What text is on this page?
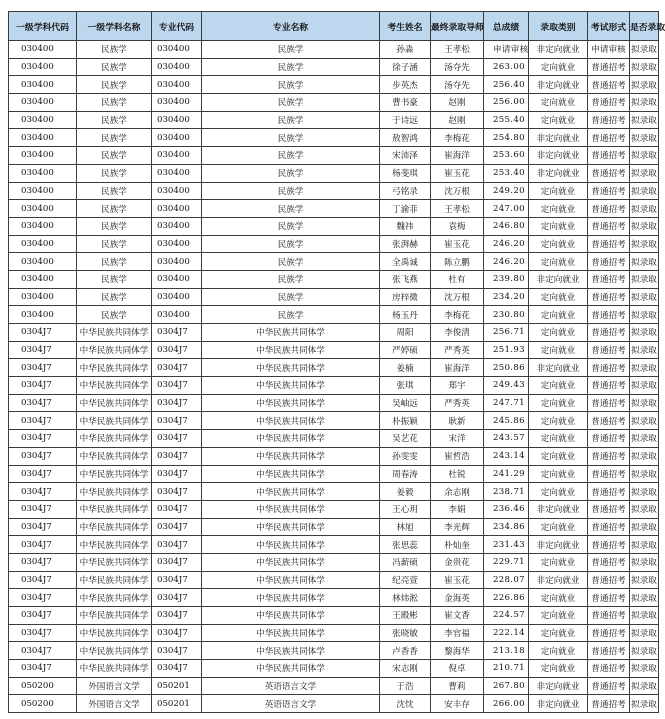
一级学科代码	一级学科名称	专业代码	专业名称	考生姓名	最终录取导师	总成绩	录取类别	考试形式	是否录取
030400	民族学	030400	民族学	孙淼	王孝松	申请审核	非定向就业	申请审核	拟录取
030400	民族学	030400	民族学	徐子涵	汤夺先	263.00	定向就业	普通招考	拟录取
030400	民族学	030400	民族学	步英杰	汤夺先	256.40	非定向就业	普通招考	拟录取
030400	民族学	030400	民族学	曹书豪	赵刚	256.00	定向就业	普通招考	拟录取
030400	民族学	030400	民族学	于诗远	赵刚	255.40	定向就业	普通招考	拟录取
030400	民族学	030400	民族学	敖智鸿	李梅花	254.80	非定向就业	普通招考	拟录取
030400	民族学	030400	民族学	宋沛泽	崔海洋	253.60	非定向就业	普通招考	拟录取
030400	民族学	030400	民族学	杨斐琪	崔玉花	253.40	非定向就业	普通招考	拟录取
030400	民族学	030400	民族学	弓铭录	沈万根	249.20	定向就业	普通招考	拟录取
030400	民族学	030400	民族学	丁渝菲	王孝松	247.00	定向就业	普通招考	拟录取
030400	民族学	030400	民族学	魏祎	袁梅	246.80	定向就业	普通招考	拟录取
030400	民族学	030400	民族学	张湃赫	崔玉花	246.20	定向就业	普通招考	拟录取
030400	民族学	030400	民族学	全禹诚	陈立鹏	246.20	定向就业	普通招考	拟录取
030400	民族学	030400	民族学	张飞燕	杜有	239.80	非定向就业	普通招考	拟录取
030400	民族学	030400	民族学	房梓微	沈万根	234.20	定向就业	普通招考	拟录取
030400	民族学	030400	民族学	杨玉丹	李梅花	230.80	定向就业	普通招考	拟录取
0304J7	中华民族共同体学	0304J7	中华民族共同体学	周阳	李俊清	256.71	定向就业	普通招考	拟录取
0304J7	中华民族共同体学	0304J7	中华民族共同体学	严婷硕	严秀英	251.93	定向就业	普通招考	拟录取
0304J7	中华民族共同体学	0304J7	中华民族共同体学	姜楠	崔海洋	250.86	非定向就业	普通招考	拟录取
0304J7	中华民族共同体学	0304J7	中华民族共同体学	张琪	郑宇	249.43	定向就业	普通招考	拟录取
0304J7	中华民族共同体学	0304J7	中华民族共同体学	吴岫远	严秀英	247.71	定向就业	普通招考	拟录取
0304J7	中华民族共同体学	0304J7	中华民族共同体学	朴振颖	耿新	245.86	定向就业	普通招考	拟录取
0304J7	中华民族共同体学	0304J7	中华民族共同体学	吴艺花	宋洋	243.57	定向就业	普通招考	拟录取
0304J7	中华民族共同体学	0304J7	中华民族共同体学	孙雯雯	崔哲浩	243.14	定向就业	普通招考	拟录取
0304J7	中华民族共同体学	0304J7	中华民族共同体学	周春涛	杜锐	241.29	定向就业	普通招考	拟录取
0304J7	中华民族共同体学	0304J7	中华民族共同体学	姜毅	余志刚	238.71	定向就业	普通招考	拟录取
0304J7	中华民族共同体学	0304J7	中华民族共同体学	王心玥	李娟	236.46	非定向就业	普通招考	拟录取
0304J7	中华民族共同体学	0304J7	中华民族共同体学	林旭	李光辉	234.86	定向就业	普通招考	拟录取
0304J7	中华民族共同体学	0304J7	中华民族共同体学	张思蕊	朴灿奎	231.43	非定向就业	普通招考	拟录取
0304J7	中华民族共同体学	0304J7	中华民族共同体学	冯薪硕	金贵花	229.71	定向就业	普通招考	拟录取
0304J7	中华民族共同体学	0304J7	中华民族共同体学	纪亮萱	崔玉花	228.07	非定向就业	普通招考	拟录取
0304J7	中华民族共同体学	0304J7	中华民族共同体学	林炜淞	金海英	226.86	定向就业	普通招考	拟录取
0304J7	中华民族共同体学	0304J7	中华民族共同体学	王殿彬	崔文香	224.57	定向就业	普通招考	拟录取
0304J7	中华民族共同体学	0304J7	中华民族共同体学	张晓敏	李官福	222.14	定向就业	普通招考	拟录取
0304J7	中华民族共同体学	0304J7	中华民族共同体学	卢香香	黎海华	213.18	定向就业	普通招考	拟录取
0304J7	中华民族共同体学	0304J7	中华民族共同体学	宋志刚	倪卓	210.71	定向就业	普通招考	拟录取
050200	外国语言文学	050201	英语语言文学	于浩	曹莉	267.80	非定向就业	普通招考	拟录取
050200	外国语言文学	050201	英语语言文学	沈忱	安丰存	266.00	非定向就业	普通招考	拟录取
